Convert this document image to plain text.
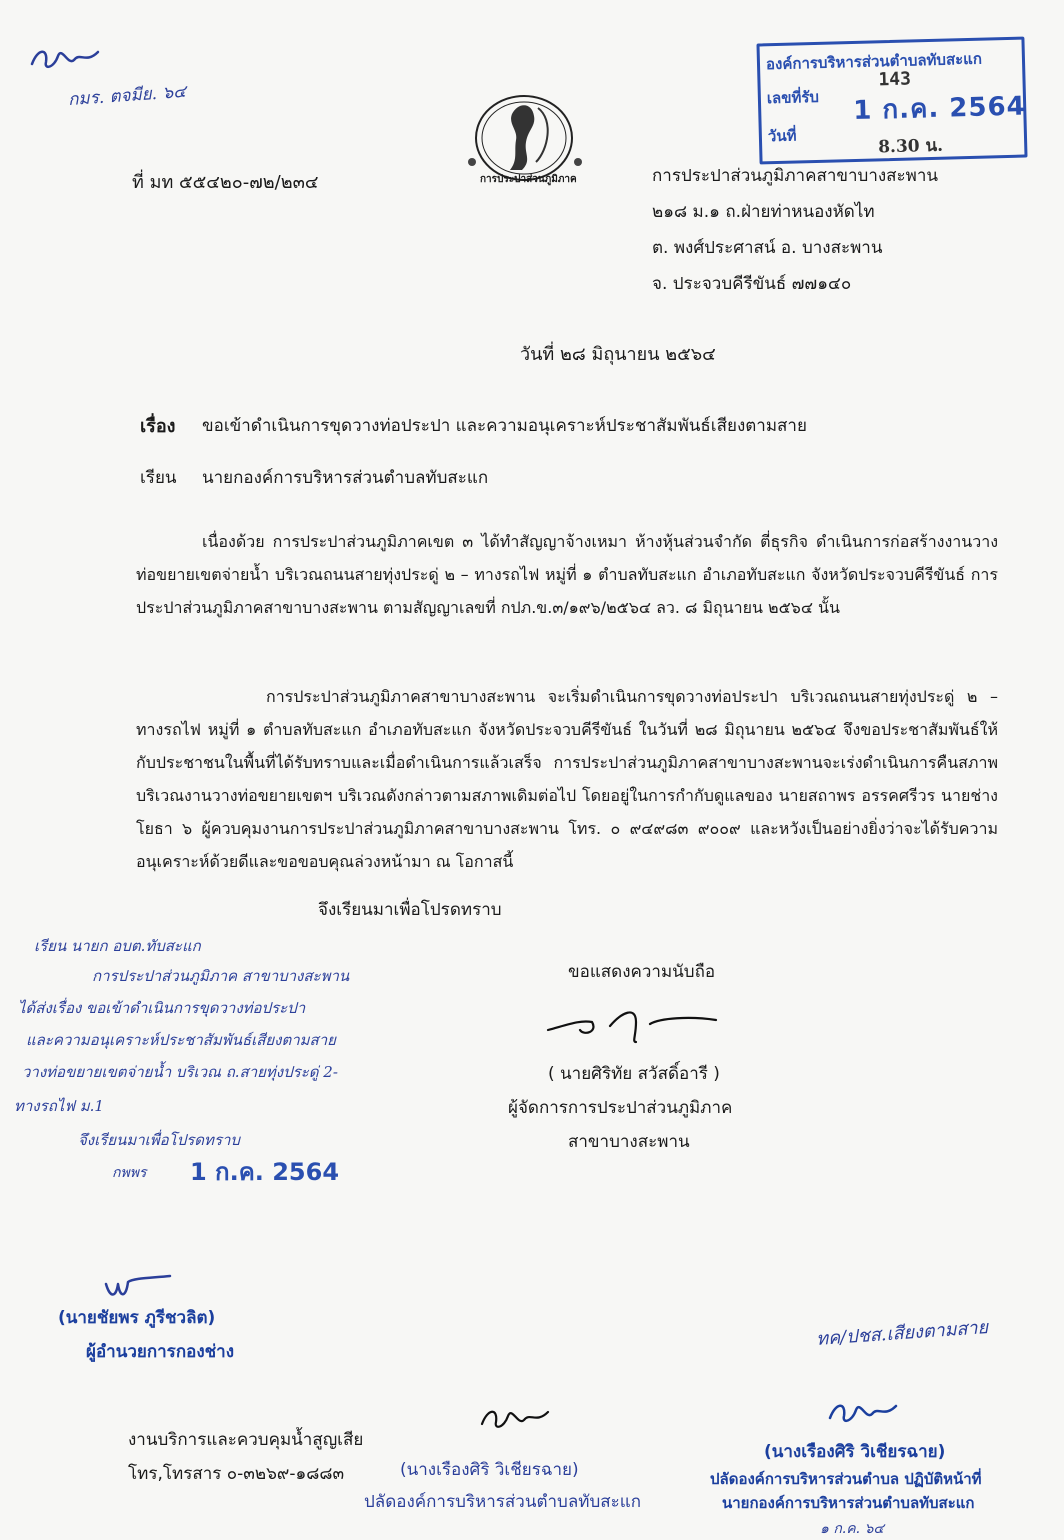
กมร. ตจมีย. ๖๔
องค์การบริหารส่วนตำบลทับสะแก
เลขที่รับ
143
1 ก.ค. 2564
วันที่	8.30 น.
การประปาส่วนภูมิภาค
ที่ มท ๕๕๔๒๐-๗๒/๒๓๔	การประปาส่วนภูมิภาคสาขาบางสะพาน
๒๑๘ ม.๑ ถ.ฝ่ายท่าหนองหัดไท
ต. พงศ์ประศาสน์ อ. บางสะพาน
จ. ประจวบคีรีขันธ์ ๗๗๑๔๐
วันที่ ๒๘ มิถุนายน ๒๕๖๔
เรื่อง ขอเข้าดำเนินการขุดวางท่อประปา และความอนุเคราะห์ประชาสัมพันธ์เสียงตามสาย
เรียน นายกองค์การบริหารส่วนตำบลทับสะแก
เนื่องด้วย การประปาส่วนภูมิภาคเขต ๓ ได้ทำสัญญาจ้างเหมา ห้างหุ้นส่วนจำกัด ตี่ธุรกิจ ดำเนินการก่อสร้างงานวางท่อขยายเขตจ่ายน้ำ บริเวณถนนสายทุ่งประดู่ ๒ – ทางรถไฟ หมู่ที่ ๑ ตำบลทับสะแก อำเภอทับสะแก จังหวัดประจวบคีรีขันธ์ การประปาส่วนภูมิภาคสาขาบางสะพาน ตามสัญญาเลขที่ กปภ.ข.๓/๑๙๖/๒๕๖๔ ลว. ๘ มิถุนายน ๒๕๖๔ นั้น
การประปาส่วนภูมิภาคสาขาบางสะพาน จะเริ่มดำเนินการขุดวางท่อประปา บริเวณถนนสายทุ่งประดู่ ๒ – ทางรถไฟ หมู่ที่ ๑ ตำบลทับสะแก อำเภอทับสะแก จังหวัดประจวบคีรีขันธ์ ในวันที่ ๒๘ มิถุนายน ๒๕๖๔ จึงขอประชาสัมพันธ์ให้กับประชาชนในพื้นที่ได้รับทราบและเมื่อดำเนินการแล้วเสร็จ การประปาส่วนภูมิภาคสาขาบางสะพานจะเร่งดำเนินการคืนสภาพบริเวณงานวางท่อขยายเขตฯ บริเวณดังกล่าวตามสภาพเดิมต่อไป โดยอยู่ในการกำกับดูแลของ นายสถาพร อรรคศรีวร นายช่างโยธา ๖ ผู้ควบคุมงานการประปาส่วนภูมิภาคสาขาบางสะพาน โทร. ๐ ๙๔๙๘๓ ๙๐๐๙ และหวังเป็นอย่างยิ่งว่าจะได้รับความอนุเคราะห์ด้วยดีและขอขอบคุณล่วงหน้ามา ณ โอกาสนี้
จึงเรียนมาเพื่อโปรดทราบ
เรียน นายก อบต.ทับสะแก
การประปาส่วนภูมิภาค สาขาบางสะพาน
ได้ส่งเรื่อง ขอเข้าดำเนินการขุดวางท่อประปา
และความอนุเคราะห์ประชาสัมพันธ์เสียงตามสาย
วางท่อขยายเขตจ่ายน้ำ บริเวณ ถ.สายทุ่งประดู่ 2-
ทางรถไฟ ม.1
จึงเรียนมาเพื่อโปรดทราบ
กพพร 1 ก.ค. 2564
ขอแสดงความนับถือ
( นายศิริทัย สวัสดิ์อารี )
ผู้จัดการการประปาส่วนภูมิภาค
สาขาบางสะพาน
(นายชัยพร ภูรีชวลิต)
ผู้อำนวยการกองช่าง
ทค/ปชส.เสียงตามสาย
(นางเรืองศิริ วิเชียรฉาย)
ปลัดองค์การบริหารส่วนตำบลทับสะแก
(นางเรืองศิริ วิเชียรฉาย)
ปลัดองค์การบริหารส่วนตำบล ปฏิบัติหน้าที่
นายกองค์การบริหารส่วนตำบลทับสะแก
๑ ก.ค. ๖๔
งานบริการและควบคุมน้ำสูญเสีย
โทร,โทรสาร ๐-๓๒๖๙-๑๘๘๓
